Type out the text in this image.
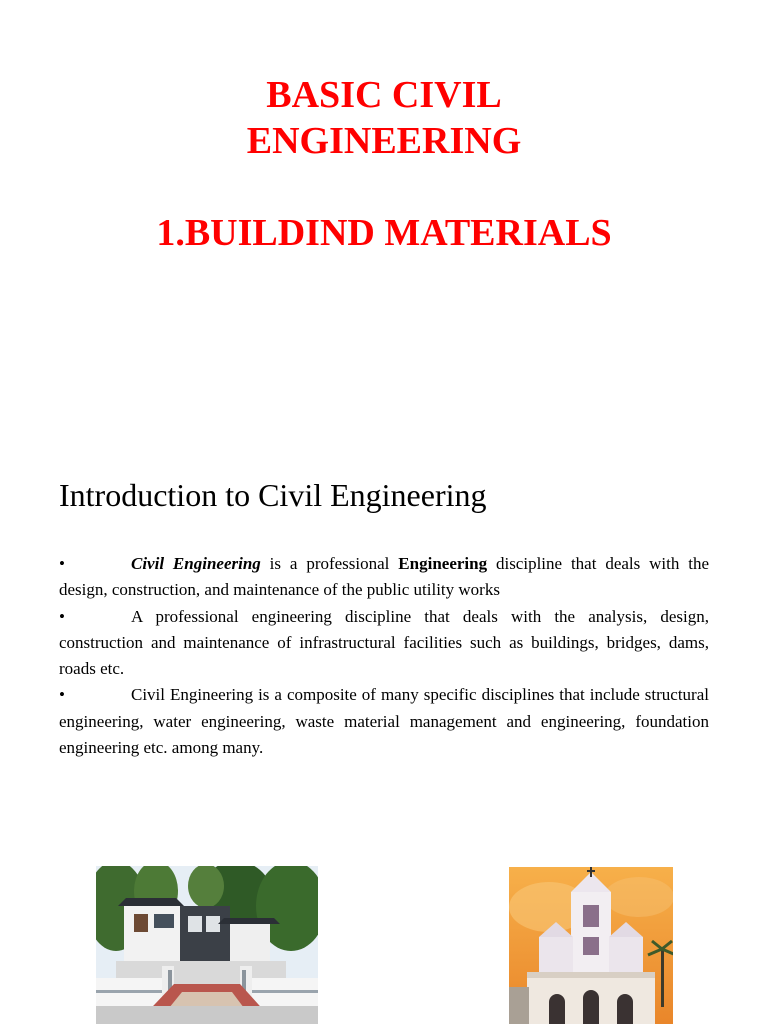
BASIC CIVIL
ENGINEERING
1.BUILDIND MATERIALS
Introduction to Civil Engineering

•	Civil Engineering is a professional Engineering discipline that deals with the design, construction, and maintenance of the public utility works

•	A professional engineering discipline that deals with the analysis, design, construction and maintenance of infrastructural facilities such as buildings, bridges, dams, roads etc.

•	Civil Engineering is a composite of many specific disciplines that include structural engineering, water engineering, waste material management and engineering, foundation engineering etc. among many.
